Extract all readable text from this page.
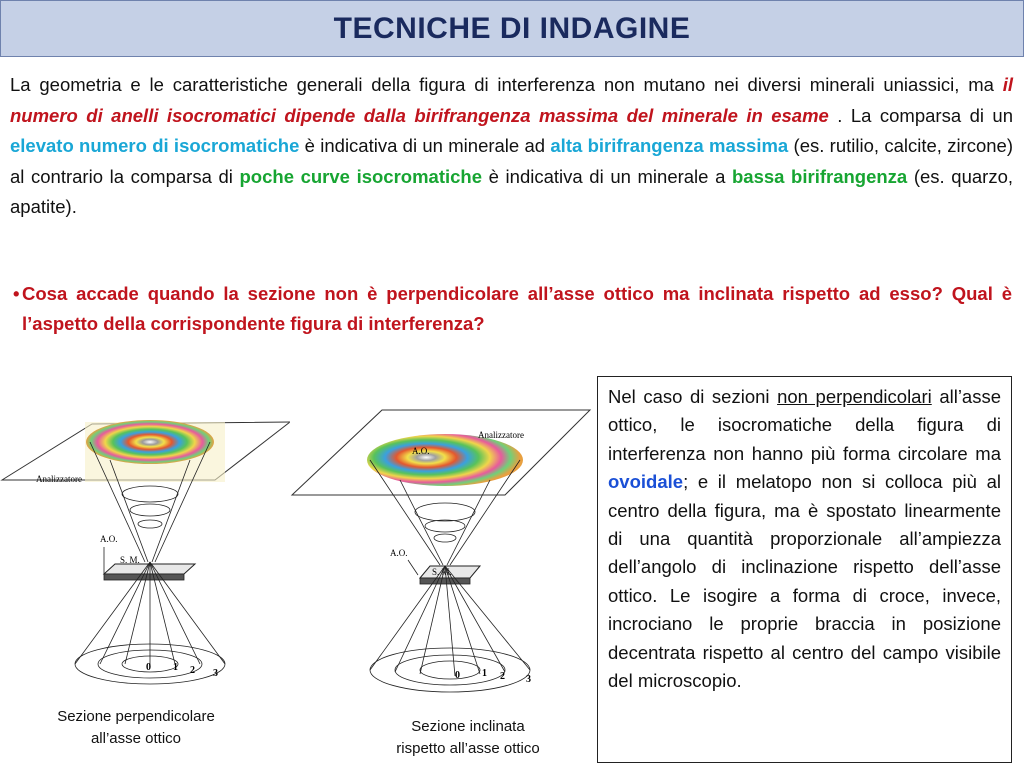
TECNICHE DI INDAGINE

La geometria e le caratteristiche generali della figura di interferenza non mutano nei diversi minerali uniassici, ma il numero di anelli isocromatici dipende dalla birifrangenza massima del minerale in esame . La comparsa di un elevato numero di isocromatiche è indicativa di un minerale ad alta birifrangenza massima (es. rutilio, calcite, zircone) al contrario la comparsa di poche curve isocromatiche è indicativa di un minerale a bassa birifrangenza (es. quarzo, apatite).

• Cosa accade quando la sezione non è perpendicolare all’asse ottico ma inclinata rispetto ad esso? Qual è l’aspetto della corrispondente figura di interferenza?

Analizzatore
A.O.
S. M.
0 1 2 3
Analizzatore
A.O.
A.O.
S. M.
0 1 2 3
Sezione perpendicolare
all’asse ottico
Sezione inclinata
rispetto all’asse ottico

Nel caso di sezioni non perpendicolari all’asse ottico, le isocromatiche della figura di interferenza non hanno più forma circolare ma ovoidale; e il melatopo non si colloca più al centro della figura, ma è spostato linearmente di una quantità proporzionale all’ampiezza dell’angolo di inclinazione rispetto dell’asse ottico. Le isogire a forma di croce, invece, incrociano le proprie braccia in posizione decentrata rispetto al centro del campo visibile del microscopio.
